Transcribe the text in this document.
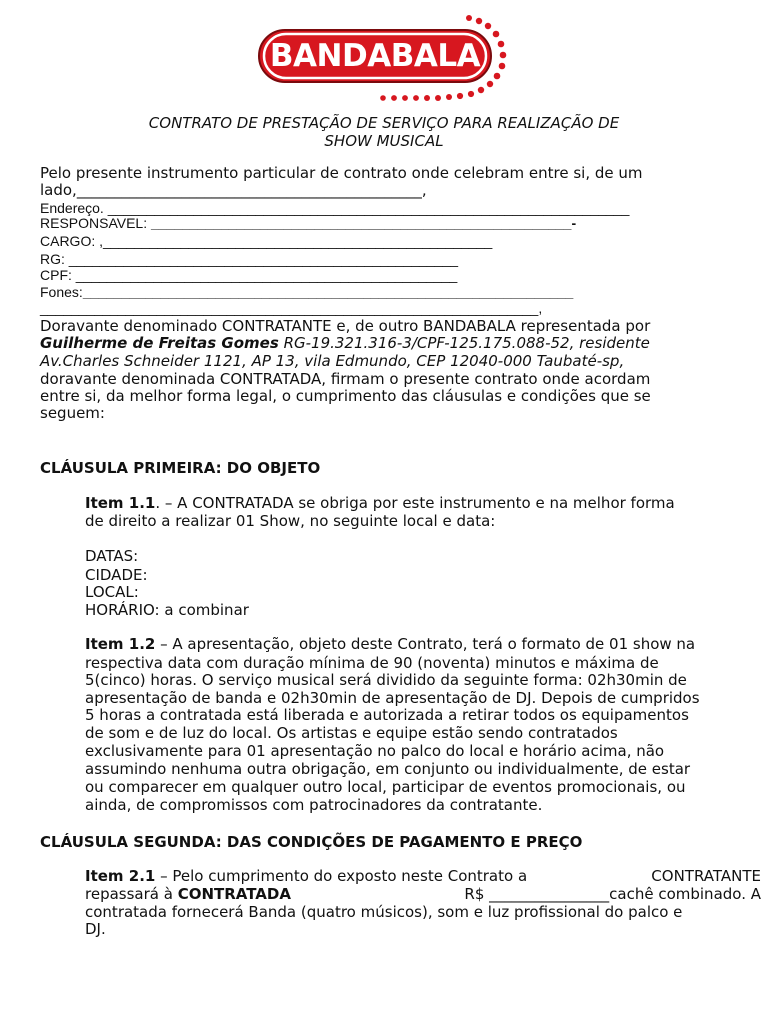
BANDABALA
CONTRATO DE PRESTAÇÃO DE SERVIÇO PARA REALIZAÇÃO DE
SHOW MUSICAL
Pelo presente instrumento particular de contrato onde celebram entre si, de um
lado,______________________________________________,
Endereço. ___________________________________________________________________
RESPONSAVEL: ______________________________________________________-
CARGO: ,__________________________________________________
RG: __________________________________________________
CPF: _________________________________________________
Fones:_______________________________________________________________
________________________________________________________________,
Doravante denominado CONTRATANTE e, de outro BANDABALA representada por
Guilherme de Freitas Gomes RG-19.321.316-3/CPF-125.175.088-52, residente
Av.Charles Schneider 1121, AP 13, vila Edmundo, CEP 12040-000 Taubaté-sp,
doravante denominada CONTRATADA, firmam o presente contrato onde acordam
entre si, da melhor forma legal, o cumprimento das cláusulas e condições que se
seguem:
CLÁUSULA PRIMEIRA: DO OBJETO
Item 1.1. – A CONTRATADA se obriga por este instrumento e na melhor forma
de direito a realizar 01 Show, no seguinte local e data:
DATAS:
CIDADE:
LOCAL:
HORÁRIO: a combinar
Item 1.2 – A apresentação, objeto deste Contrato, terá o formato de 01 show na
respectiva data com duração mínima de 90 (noventa) minutos e máxima de
5(cinco) horas. O serviço musical será dividido da seguinte forma: 02h30min de
apresentação de banda e 02h30min de apresentação de DJ. Depois de cumpridos
5 horas a contratada está liberada e autorizada a retirar todos os equipamentos
de som e de luz do local. Os artistas e equipe estão sendo contratados
exclusivamente para 01 apresentação no palco do local e horário acima, não
assumindo nenhuma outra obrigação, em conjunto ou individualmente, de estar
ou comparecer em qualquer outro local, participar de eventos promocionais, ou
ainda, de compromissos com patrocinadores da contratante.
CLÁUSULA SEGUNDA: DAS CONDIÇÕES DE PAGAMENTO E PREÇO
Item 2.1 – Pelo cumprimento do exposto neste Contrato a	CONTRATANTE
repassará à CONTRATADA	R$ ________________cachê combinado. A
contratada fornecerá Banda (quatro músicos), som e luz profissional do palco e
DJ.
